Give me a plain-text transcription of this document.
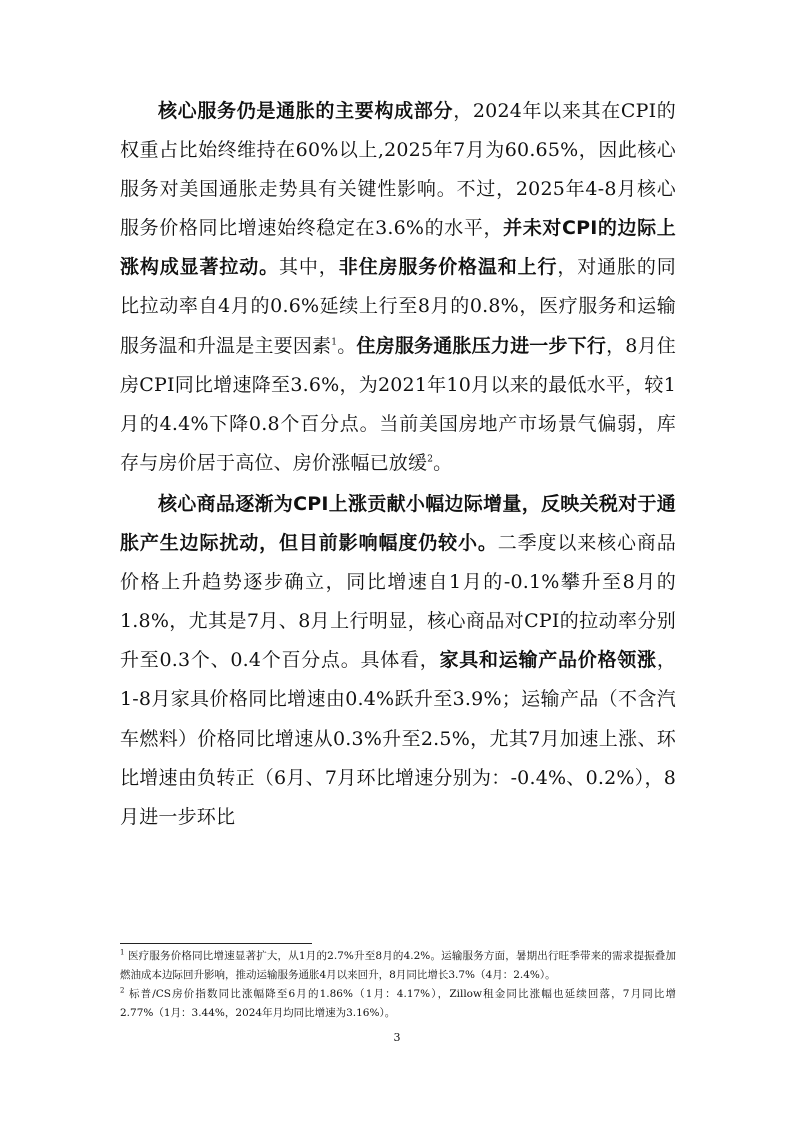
核心服务仍是通胀的主要构成部分，2024年以来其在CPI的权重占比始终维持在60%以上,2025年7月为60.65%，因此核心服务对美国通胀走势具有关键性影响。不过，2025年4-8月核心服务价格同比增速始终稳定在3.6%的水平，并未对CPI的边际上涨构成显著拉动。其中，非住房服务价格温和上行，对通胀的同比拉动率自4月的0.6%延续上行至8月的0.8%，医疗服务和运输服务温和升温是主要因素$^1$。住房服务通胀压力进一步下行，8月住房CPI同比增速降至3.6%，为2021年10月以来的最低水平，较1月的4.4%下降0.8个百分点。当前美国房地产市场景气偏弱，库存与房价居于高位、房价涨幅已放缓$^2$。

核心商品逐渐为CPI上涨贡献小幅边际增量，反映关税对于通胀产生边际扰动，但目前影响幅度仍较小。二季度以来核心商品价格上升趋势逐步确立，同比增速自1月的-0.1%攀升至8月的1.8%，尤其是7月、8月上行明显，核心商品对CPI的拉动率分别升至0.3个、0.4个百分点。具体看，家具和运输产品价格领涨，1-8月家具价格同比增速由0.4%跃升至3.9%；运输产品（不含汽车燃料）价格同比增速从0.3%升至2.5%，尤其7月加速上涨、环比增速由负转正（6月、7月环比增速分别为：-0.4%、0.2%），8月进一步环比

$^1$ 医疗服务价格同比增速显著扩大，从1月的2.7%升至8月的4.2%。运输服务方面，暑期出行旺季带来的需求提振叠加燃油成本边际回升影响，推动运输服务通胀4月以来回升，8月同比增长3.7%（4月：2.4%）。

$^2$ 标普/CS房价指数同比涨幅降至6月的1.86%（1月：4.17%），Zillow租金同比涨幅也延续回落，7月同比增2.77%（1月：3.44%，2024年月均同比增速为3.16%）。

3
